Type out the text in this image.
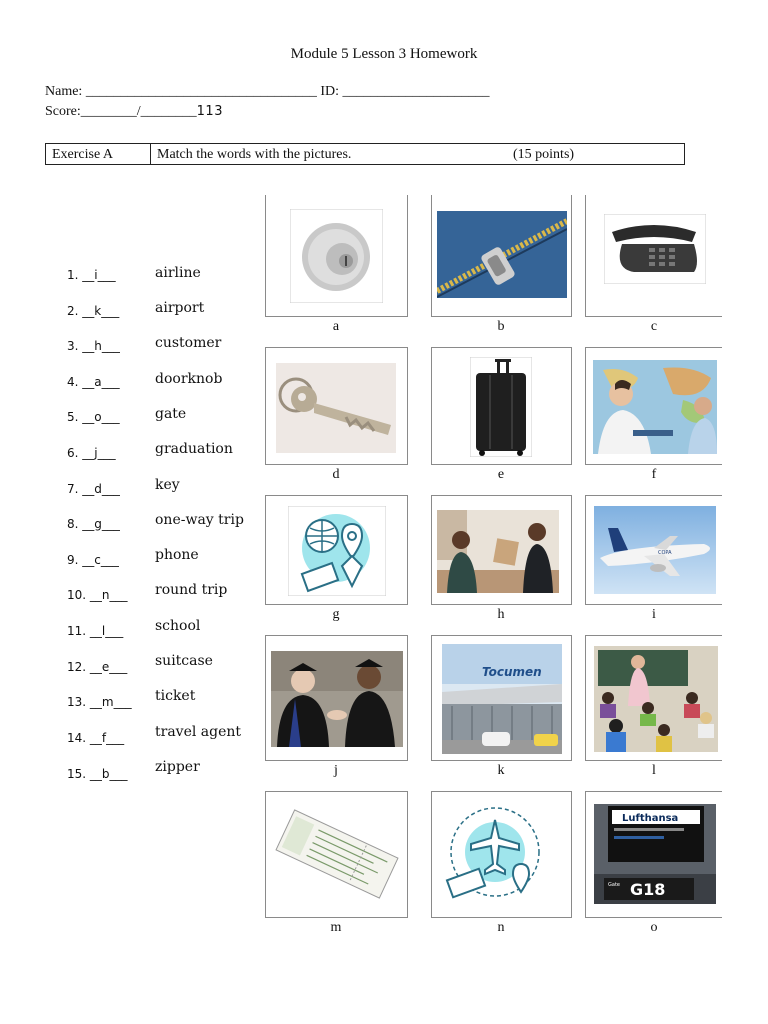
Module 5 Lesson 3 Homework
Name: _________________________________ ID: _____________________
Score:________/________113
Exercise A	Match the words with the pictures.	(15 points)
1. __i___
2. __k___
3. __h___
4. __a___
5. __o___
6. __j___
7. __d___
8. __g___
9. __c___
10. __n___
11. __l___
12. __e___
13. __m___
14. __f___
15. __b___
airline
airport
customer
doorknob
gate
graduation
key
one-way trip
phone
round trip
school
suitcase
ticket
travel agent
zipper
a	b	c
d	e	f
COPA
g	h	i
Tocumen
j	k	l
Lufthansa
Gate G18
m	n	o
